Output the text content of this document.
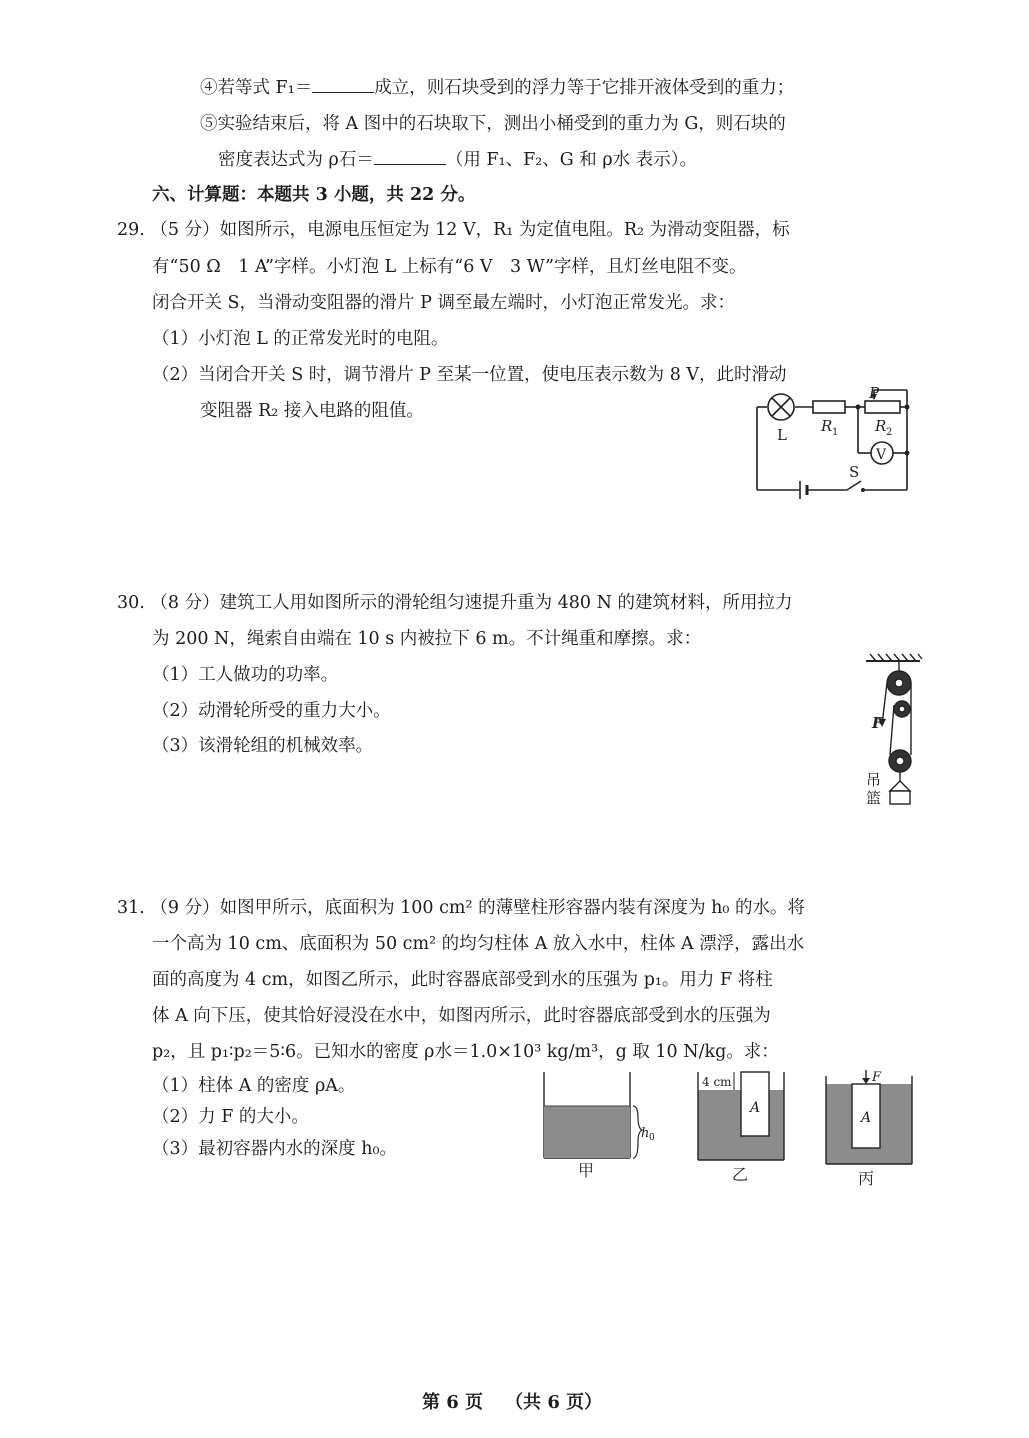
④若等式 F₁＝	成立，则石块受到的浮力等于它排开液体受到的重力；
⑤实验结束后，将 A 图中的石块取下，测出小桶受到的重力为 G，则石块的
密度表达式为 ρ石＝	（用 F₁、F₂、G 和 ρ水 表示）。
六、计算题：本题共 3 小题，共 22 分。
29. （5 分）如图所示，电源电压恒定为 12 V，R₁ 为定值电阻。R₂ 为滑动变阻器，标
有“50 Ω　1 A”字样。小灯泡 L 上标有“6 V　3 W”字样，且灯丝电阻不变。
闭合开关 S，当滑动变阻器的滑片 P 调至最左端时，小灯泡正常发光。求：
（1）小灯泡 L 的正常发光时的电阻。
（2）当闭合开关 S 时，调节滑片 P 至某一位置，使电压表示数为 8 V，此时滑动
变阻器 R₂ 接入电路的阻值。
L R 1 R 2
P
V
S
30. （8 分）建筑工人用如图所示的滑轮组匀速提升重为 480 N 的建筑材料，所用拉力
为 200 N，绳索自由端在 10 s 内被拉下 6 m。不计绳重和摩擦。求：
（1）工人做功的功率。
（2）动滑轮所受的重力大小。
（3）该滑轮组的机械效率。
F
吊
篮
31. （9 分）如图甲所示，底面积为 100 cm² 的薄壁柱形容器内装有深度为 h₀ 的水。将
一个高为 10 cm、底面积为 50 cm² 的均匀柱体 A 放入水中，柱体 A 漂浮，露出水
面的高度为 4 cm，如图乙所示，此时容器底部受到水的压强为 p₁。用力 F 将柱
体 A 向下压，使其恰好浸没在水中，如图丙所示，此时容器底部受到水的压强为
p₂，且 p₁∶p₂＝5∶6。已知水的密度 ρ水＝1.0×10³ kg/m³，g 取 10 N/kg。求：
（1）柱体 A 的密度 ρA。
（2）力 F 的大小。
（3）最初容器内水的深度 h₀。
h 0
甲
4 cm
A
乙
F
A
丙
第 6 页 （共 6 页）
